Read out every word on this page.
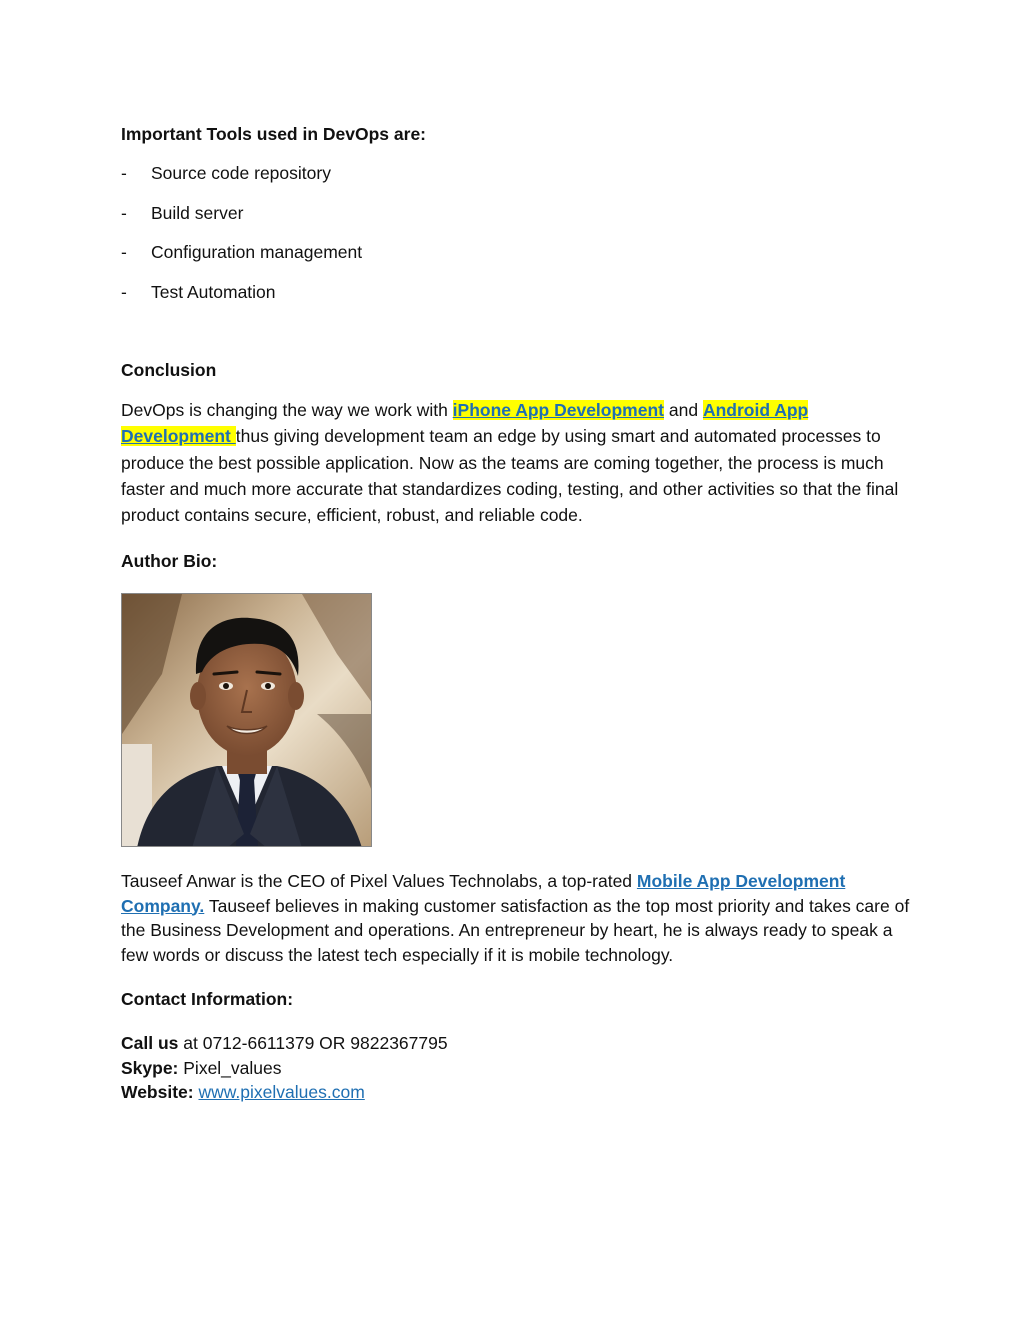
Important Tools used in DevOps are:

- Source code repository
- Build server
- Configuration management
- Test Automation

Conclusion

DevOps is changing the way we work with iPhone App Development and Android App Development thus giving development team an edge by using smart and automated processes to produce the best possible application. Now as the teams are coming together, the process is much faster and much more accurate that standardizes coding, testing, and other activities so that the final product contains secure, efficient, robust, and reliable code.

Author Bio:

Tauseef Anwar is the CEO of Pixel Values Technolabs, a top-rated Mobile App Development Company. Tauseef believes in making customer satisfaction as the top most priority and takes care of the Business Development and operations. An entrepreneur by heart, he is always ready to speak a few words or discuss the latest tech especially if it is mobile technology.

Contact Information:

Call us at 0712-6611379 OR 9822367795
Skype: Pixel_values
Website: www.pixelvalues.com
